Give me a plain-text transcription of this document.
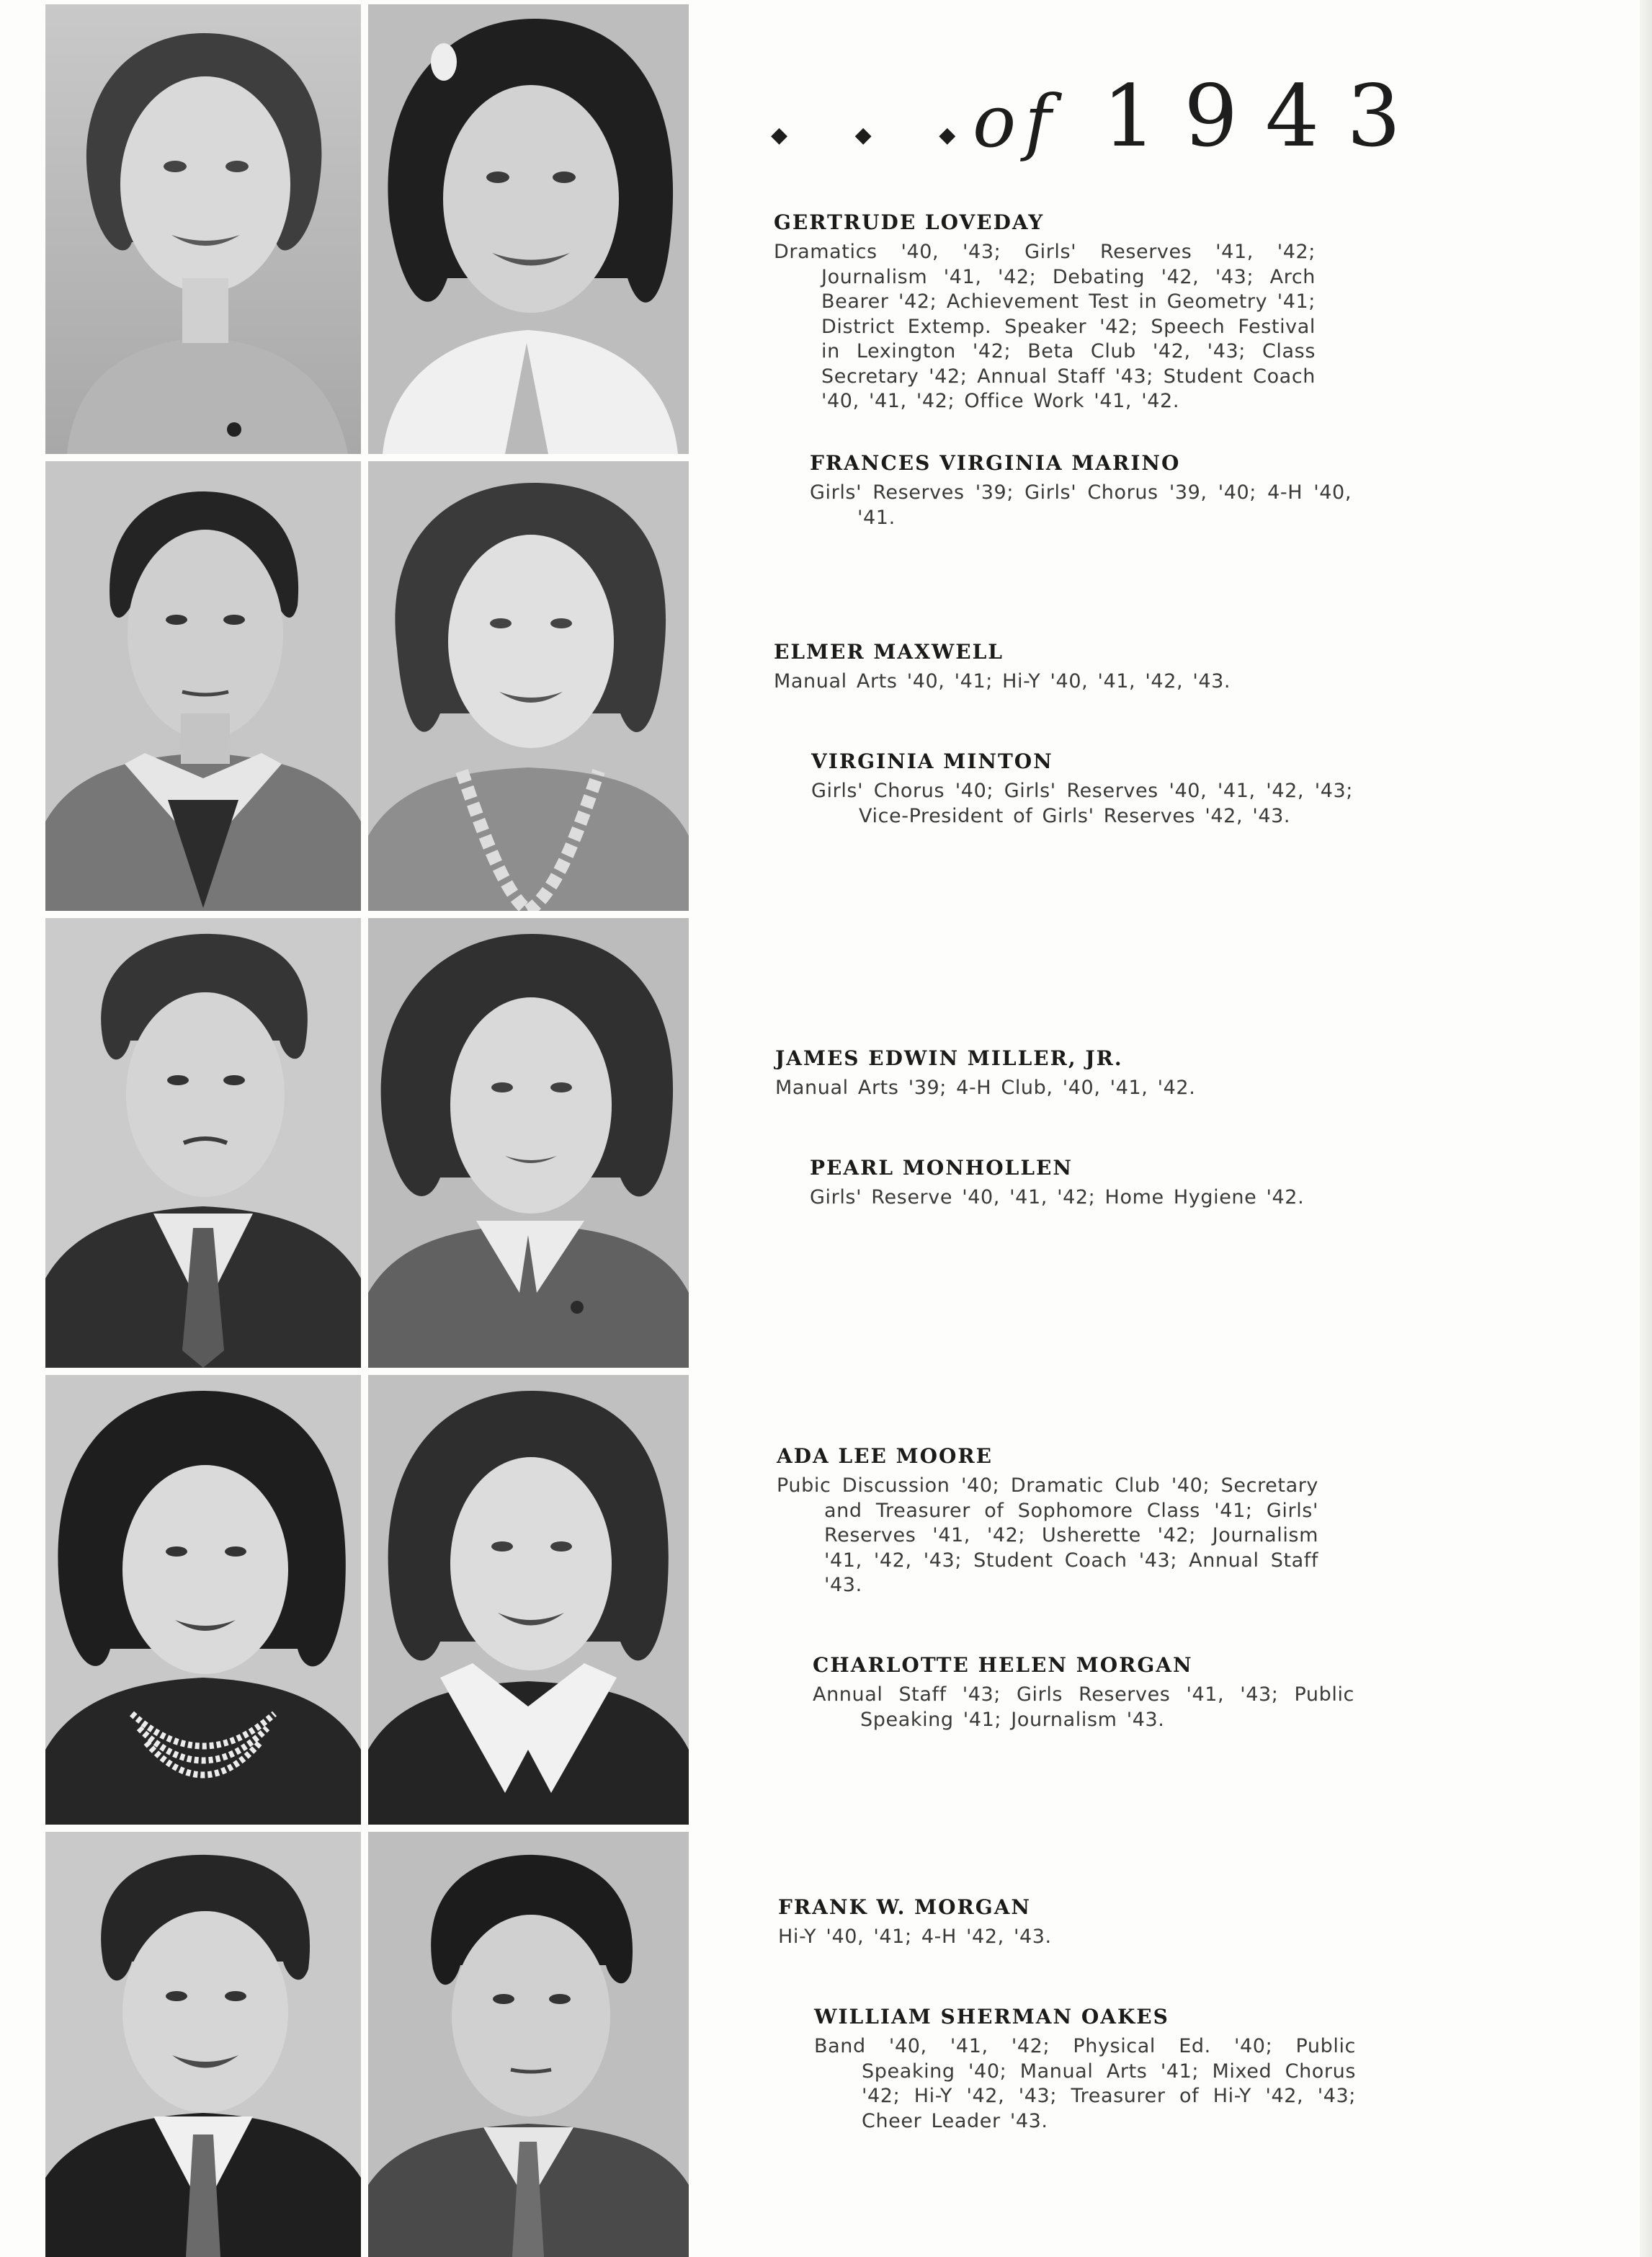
◆ ◆ ◆
of 1943
GERTRUDE LOVEDAY
Dramatics '40, '43; Girls' Reserves '41, '42; Journalism '41, '42; Debating '42, '43; Arch Bearer '42; Achievement Test in Geometry '41; District Extemp. Speaker '42; Speech Festival in Lexington '42; Beta Club '42, '43; Class Secretary '42; Annual Staff '43; Student Coach '40, '41, '42; Office Work '41, '42.
FRANCES VIRGINIA MARINO
Girls' Reserves '39; Girls' Chorus '39, '40; 4-H '40, '41.
ELMER MAXWELL
Manual Arts '40, '41; Hi-Y '40, '41, '42, '43.
VIRGINIA MINTON
Girls' Chorus '40; Girls' Reserves '40, '41, '42, '43; Vice-President of Girls' Reserves '42, '43.
JAMES EDWIN MILLER, JR.
Manual Arts '39; 4-H Club, '40, '41, '42.
PEARL MONHOLLEN
Girls' Reserve '40, '41, '42; Home Hygiene '42.
ADA LEE MOORE
Pubic Discussion '40; Dramatic Club '40; Secretary and Treasurer of Sophomore Class '41; Girls' Reserves '41, '42; Usherette '42; Journalism '41, '42, '43; Student Coach '43; Annual Staff '43.
CHARLOTTE HELEN MORGAN
Annual Staff '43; Girls Reserves '41, '43; Public Speaking '41; Journalism '43.
FRANK W. MORGAN
Hi-Y '40, '41; 4-H '42, '43.
WILLIAM SHERMAN OAKES
Band '40, '41, '42; Physical Ed. '40; Public Speaking '40; Manual Arts '41; Mixed Chorus '42; Hi-Y '42, '43; Treasurer of Hi-Y '42, '43; Cheer Leader '43.
